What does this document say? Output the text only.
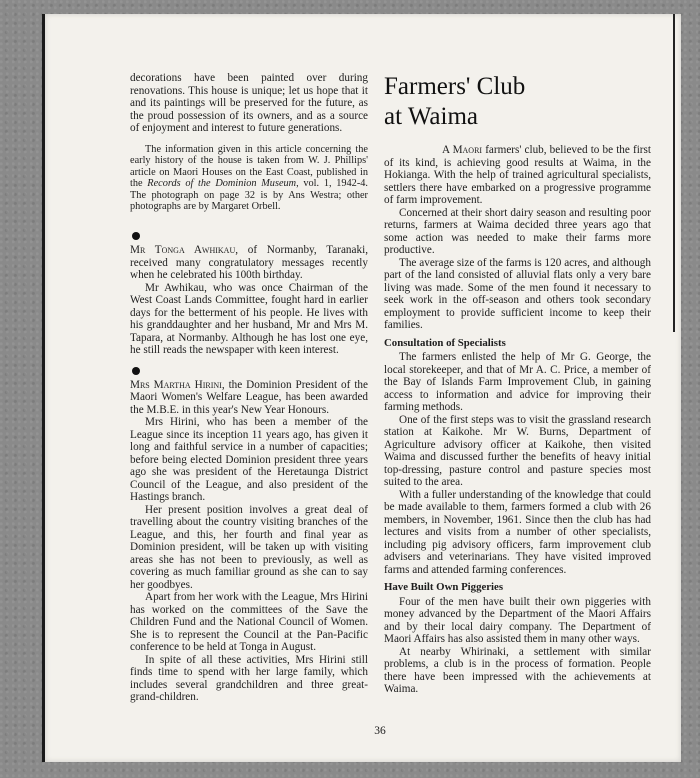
decorations have been painted over during renovations. This house is unique; let us hope that it and its paintings will be preserved for the future, as the proud possession of its owners, and as a source of enjoyment and interest to future generations.

The information given in this article concerning the early history of the house is taken from W. J. Phillips' article on Maori Houses on the East Coast, published in the Records of the Dominion Museum, vol. 1, 1942-4. The photograph on page 32 is by Ans Westra; other photographs are by Margaret Orbell.

Mr Tonga Awhikau, of Normanby, Taranaki, received many congratulatory messages recently when he celebrated his 100th birthday.

Mr Awhikau, who was once Chairman of the West Coast Lands Committee, fought hard in earlier days for the betterment of his people. He lives with his granddaughter and her husband, Mr and Mrs M. Tapara, at Normanby. Although he has lost one eye, he still reads the newspaper with keen interest.

Mrs Martha Hirini, the Dominion President of the Maori Women's Welfare League, has been awarded the M.B.E. in this year's New Year Honours.

Mrs Hirini, who has been a member of the League since its inception 11 years ago, has given it long and faithful service in a number of capacities; before being elected Dominion president three years ago she was president of the Heretaunga District Council of the League, and also president of the Hastings branch.

Her present position involves a great deal of travelling about the country visiting branches of the League, and this, her fourth and final year as Dominion president, will be taken up with visiting areas she has not been to previously, as well as covering as much familiar ground as she can to say her goodbyes.

Apart from her work with the League, Mrs Hirini has worked on the committees of the Save the Children Fund and the National Council of Women. She is to represent the Council at the Pan-Pacific conference to be held at Tonga in August.

In spite of all these activities, Mrs Hirini still finds time to spend with her large family, which includes several grandchildren and three great-grand-children.

Farmers' Club
at Waima

A Maori farmers' club, believed to be the first of its kind, is achieving good results at Waima, in the Hokianga. With the help of trained agricultural specialists, settlers there have embarked on a progressive programme of farm improvement.

Concerned at their short dairy season and resulting poor returns, farmers at Waima decided three years ago that some action was needed to make their farms more productive.

The average size of the farms is 120 acres, and although part of the land consisted of alluvial flats only a very bare living was made. Some of the men found it necessary to seek work in the off-season and others took secondary employment to provide sufficient income to keep their families.

Consultation of Specialists

The farmers enlisted the help of Mr G. George, the local storekeeper, and that of Mr A. C. Price, a member of the Bay of Islands Farm Improvement Club, in gaining access to information and advice for improving their farming methods.

One of the first steps was to visit the grassland research station at Kaikohe. Mr W. Burns, Department of Agriculture advisory officer at Kaikohe, then visited Waima and discussed further the benefits of heavy initial top-dressing, pasture control and pasture species most suited to the area.

With a fuller understanding of the knowledge that could be made available to them, farmers formed a club with 26 members, in November, 1961. Since then the club has had lectures and visits from a number of other specialists, including pig advisory officers, farm improvement club advisers and veterinarians. They have visited improved farms and attended farming conferences.

Have Built Own Piggeries

Four of the men have built their own piggeries with money advanced by the Department of the Maori Affairs and by their local dairy company. The Department of Maori Affairs has also assisted them in many other ways.

At nearby Whirinaki, a settlement with similar problems, a club is in the process of formation. People there have been impressed with the achievements at Waima.

36
